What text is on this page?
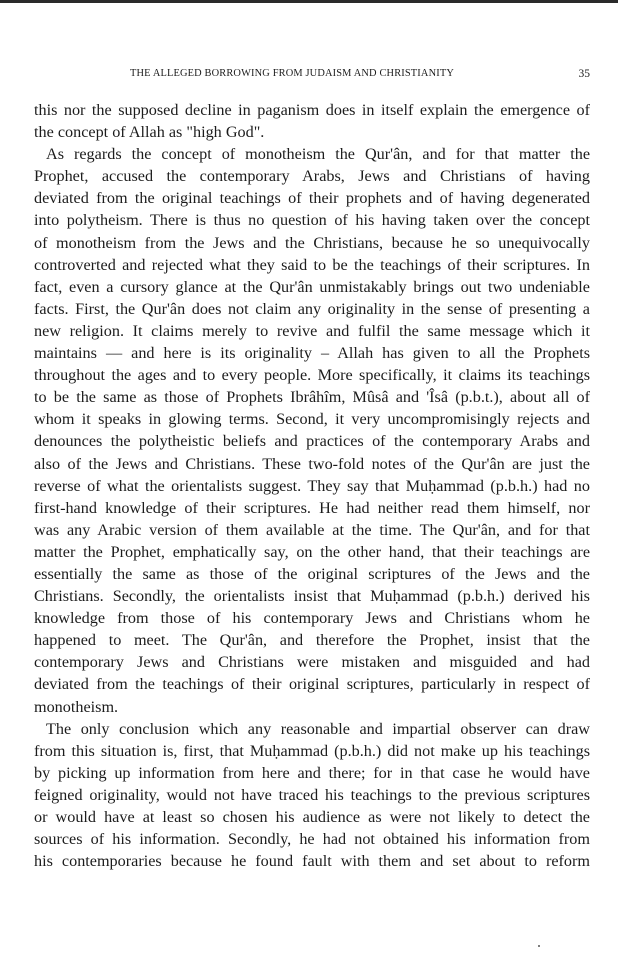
THE ALLEGED BORROWING FROM JUDAISM AND CHRISTIANITY	35
this nor the supposed decline in paganism does in itself explain the emergence of
the concept of Allah as "high God".
As regards the concept of monotheism the Qur'ân, and for that matter the
Prophet, accused the contemporary Arabs, Jews and Christians of having
deviated from the original teachings of their prophets and of having degenerated
into polytheism. There is thus no question of his having taken over the concept
of monotheism from the Jews and the Christians, because he so unequivocally
controverted and rejected what they said to be the teachings of their scriptures. In
fact, even a cursory glance at the Qur'ân unmistakably brings out two undeniable
facts. First, the Qur'ân does not claim any originality in the sense of presenting a
new religion. It claims merely to revive and fulfil the same message which it
maintains — and here is its originality – Allah has given to all the Prophets
throughout the ages and to every people. More specifically, it claims its teachings
to be the same as those of Prophets Ibrâhîm, Mûsâ and 'Îsâ (p.b.t.), about all of
whom it speaks in glowing terms. Second, it very uncompromisingly rejects and
denounces the polytheistic beliefs and practices of the contemporary Arabs and
also of the Jews and Christians. These two-fold notes of the Qur'ân are just the
reverse of what the orientalists suggest. They say that Muḥammad (p.b.h.) had no
first-hand knowledge of their scriptures. He had neither read them himself, nor
was any Arabic version of them available at the time. The Qur'ân, and for that
matter the Prophet, emphatically say, on the other hand, that their teachings are
essentially the same as those of the original scriptures of the Jews and the
Christians. Secondly, the orientalists insist that Muḥammad (p.b.h.) derived his
knowledge from those of his contemporary Jews and Christians whom he
happened to meet. The Qur'ân, and therefore the Prophet, insist that the
contemporary Jews and Christians were mistaken and misguided and had
deviated from the teachings of their original scriptures, particularly in respect of
monotheism.
The only conclusion which any reasonable and impartial observer can draw
from this situation is, first, that Muḥammad (p.b.h.) did not make up his teachings
by picking up information from here and there; for in that case he would have
feigned originality, would not have traced his teachings to the previous scriptures
or would have at least so chosen his audience as were not likely to detect the
sources of his information. Secondly, he had not obtained his information from
his contemporaries because he found fault with them and set about to reform
